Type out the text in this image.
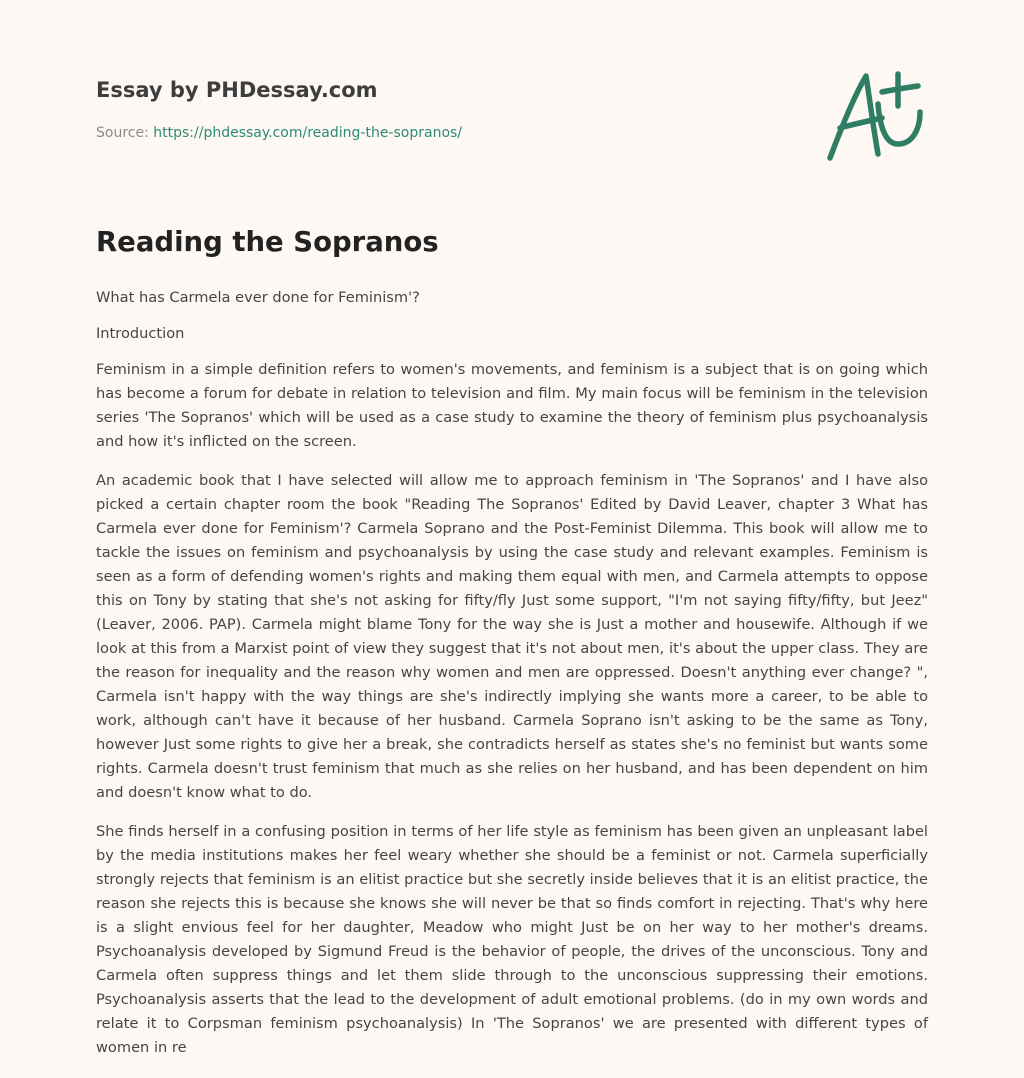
Essay by PHDessay.com

Source: https://phdessay.com/reading-the-sopranos/
Reading the Sopranos

What has Carmela ever done for Feminism'?

Introduction

Feminism in a simple definition refers to women's movements, and feminism is a subject that is on going which has become a forum for debate in relation to television and film. My main focus will be feminism in the television series 'The Sopranos' which will be used as a case study to examine the theory of feminism plus psychoanalysis and how it's inflicted on the screen.

An academic book that I have selected will allow me to approach feminism in 'The Sopranos' and I have also picked a certain chapter room the book "Reading The Sopranos' Edited by David Leaver, chapter 3 What has Carmela ever done for Feminism'? Carmela Soprano and the Post-Feminist Dilemma. This book will allow me to tackle the issues on feminism and psychoanalysis by using the case study and relevant examples. Feminism is seen as a form of defending women's rights and making them equal with men, and Carmela attempts to oppose this on Tony by stating that she's not asking for fifty/fly Just some support, "I'm not saying fifty/fifty, but Jeez" (Leaver, 2006. PAP). Carmela might blame Tony for the way she is Just a mother and housewife. Although if we look at this from a Marxist point of view they suggest that it's not about men, it's about the upper class. They are the reason for inequality and the reason why women and men are oppressed. Doesn't anything ever change? ", Carmela isn't happy with the way things are she's indirectly implying she wants more a career, to be able to work, although can't have it because of her husband. Carmela Soprano isn't asking to be the same as Tony, however Just some rights to give her a break, she contradicts herself as states she's no feminist but wants some rights. Carmela doesn't trust feminism that much as she relies on her husband, and has been dependent on him and doesn't know what to do.

She finds herself in a confusing position in terms of her life style as feminism has been given an unpleasant label by the media institutions makes her feel weary whether she should be a feminist or not. Carmela superficially strongly rejects that feminism is an elitist practice but she secretly inside believes that it is an elitist practice, the reason she rejects this is because she knows she will never be that so finds comfort in rejecting. That's why here is a slight envious feel for her daughter, Meadow who might Just be on her way to her mother's dreams. Psychoanalysis developed by Sigmund Freud is the behavior of people, the drives of the unconscious. Tony and Carmela often suppress things and let them slide through to the unconscious suppressing their emotions. Psychoanalysis asserts that the lead to the development of adult emotional problems. (do in my own words and relate it to Corpsman feminism psychoanalysis) In 'The Sopranos' we are presented with different types of women in re
